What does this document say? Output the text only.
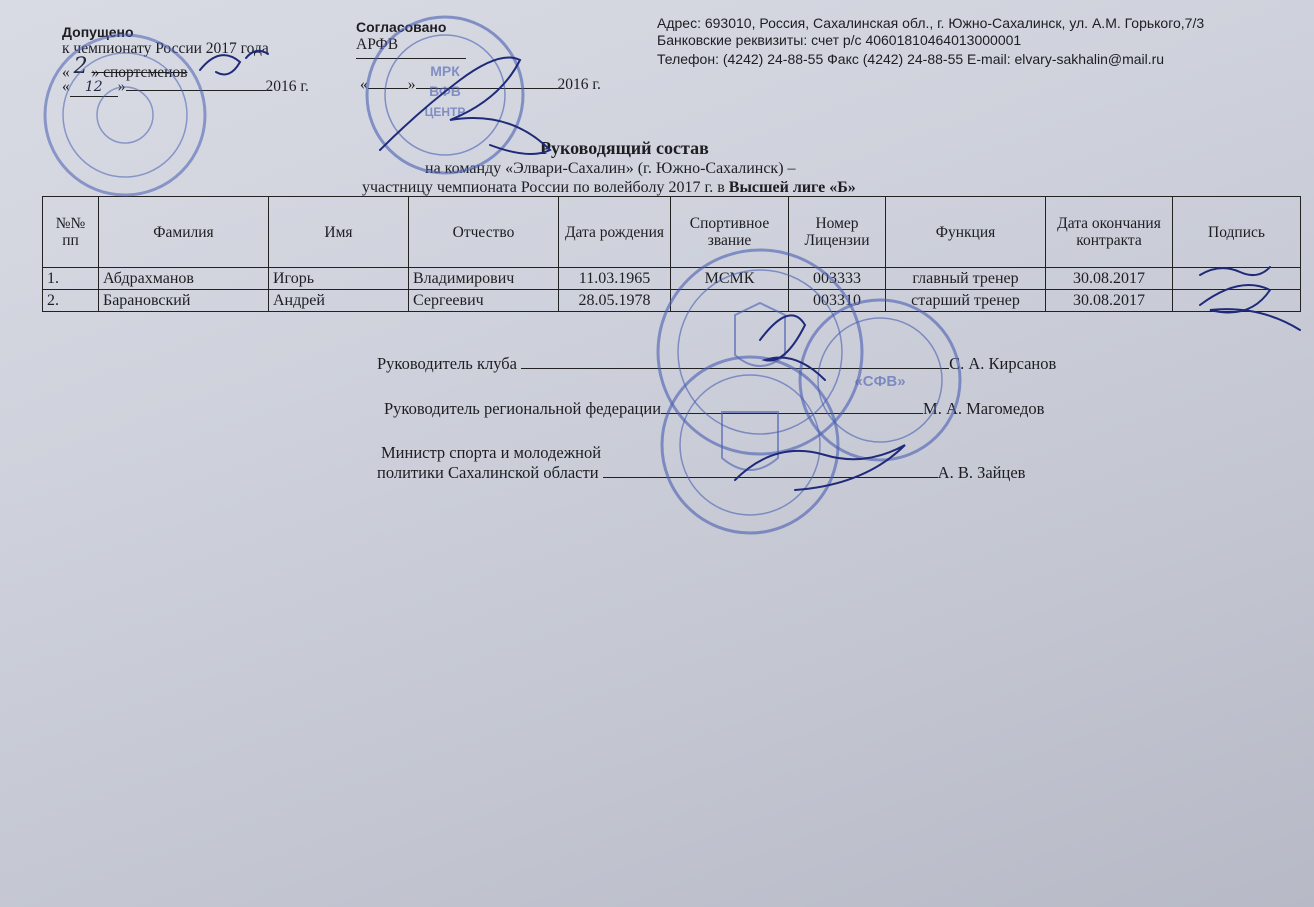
Допущено
к чемпионату России 2017 года
« 2 » спортсменов
« 12 »	2016 г.
Согласовано
АРФВ
«	»	2016 г.
Адрес: 693010, Россия, Сахалинская обл., г. Южно-Сахалинск, ул. А.М. Горького,7/3
Банковские реквизиты: счет р/с 40601810464013000001
Телефон: (4242) 24-88-55 Факс (4242) 24-88-55 E-mail: elvary-sakhalin@mail.ru
Руководящий состав
на команду «Элвари-Сахалин» (г. Южно-Сахалинск) –
участницу чемпионата России по волейболу 2017 г. в Высшей лиге «Б»
№№ пп	Фамилия	Имя	Отчество	Дата рождения	Спортивное звание	Номер Лицензии	Функция	Дата окончания контракта	Подпись
1.	Абдрахманов	Игорь	Владимирович	11.03.1965	МСМК	003333	главный тренер	30.08.2017	
2.	Барановский	Андрей	Сергеевич	28.05.1978		003310	старший тренер	30.08.2017	
Руководитель клуба	С. А. Кирсанов
Руководитель региональной федерации	М. А. Магомедов
Министр спорта и молодежной
политики Сахалинской области	А. В. Зайцев
МРК
ВФВ
ЦЕНТР
«СФВ»
